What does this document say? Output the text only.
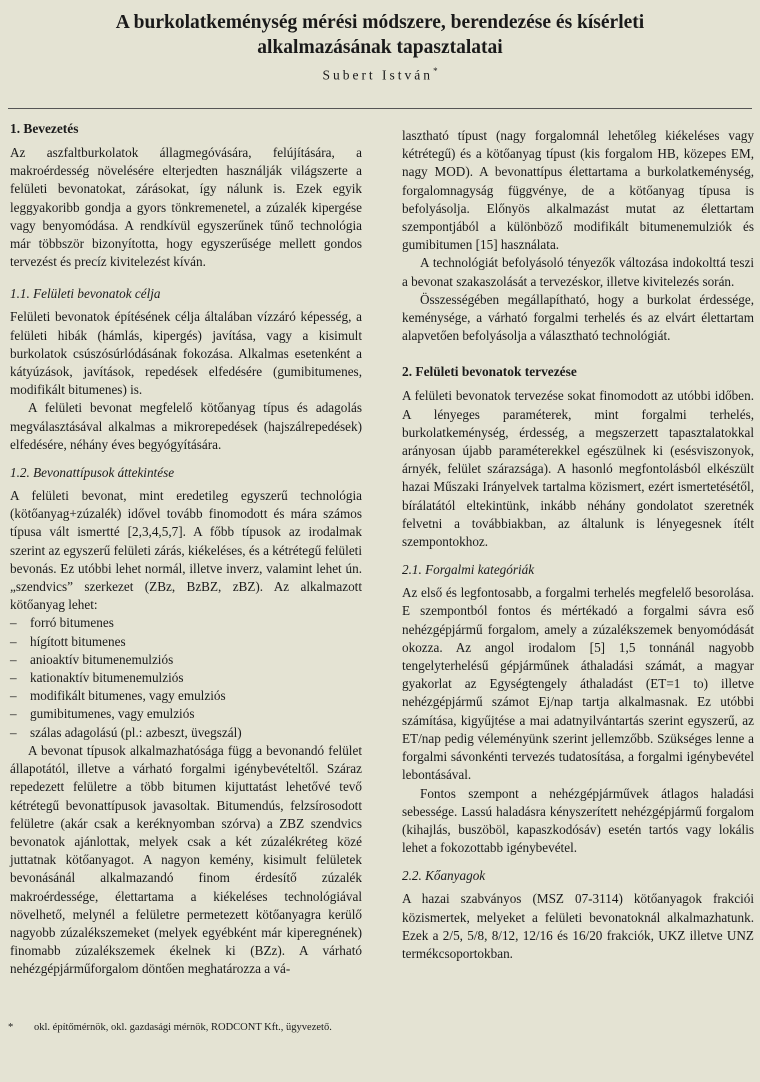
A burkolatkeménység mérési módszere, berendezése és kísérleti
alkalmazásának tapasztalatai
Subert István*
1. Bevezetés

Az aszfaltburkolatok állagmegóvására, felújítására, a makroérdesség növelésére elterjedten használják világszerte a felületi bevonatokat, zárásokat, így nálunk is. Ezek egyik leggyakoribb gondja a gyors tönkremenetel, a zúzalék kipergése vagy benyomódása. A rendkívül egyszerűnek tűnő technológia már többször bizonyította, hogy egyszerűsége mellett gondos tervezést és precíz kivitelezést kíván.

1.1. Felületi bevonatok célja

Felületi bevonatok építésének célja általában vízzáró képesség, a felületi hibák (hámlás, kipergés) javítása, vagy a kisimult burkolatok csúszósúrlódásának fokozása. Alkalmas esetenként a kátyúzások, javítások, repedések elfedésére (gumibitumenes, modifikált bitumenes) is.

A felületi bevonat megfelelő kötőanyag típus és adagolás megválasztásával alkalmas a mikrorepedések (hajszálrepedések) elfedésére, néhány éves begyógyítására.

1.2. Bevonattípusok áttekintése

A felületi bevonat, mint eredetileg egyszerű technológia (kötőanyag+zúzalék) idővel tovább finomodott és mára számos típusa vált ismertté [2,3,4,5,7]. A főbb típusok az irodalmak szerint az egyszerű felületi zárás, kiékeléses, és a kétrétegű felületi bevonás. Ez utóbbi lehet normál, illetve inverz, valamint lehet ún. „szendvics” szerkezet (ZBz, BzBZ, zBZ). Az alkalmazott kötőanyag lehet:

– forró bitumenes
– hígított bitumenes
– anioaktív bitumenemulziós
– kationaktív bitumenemulziós
– modifikált bitumenes, vagy emulziós
– gumibitumenes, vagy emulziós
– szálas adagolású (pl.: azbeszt, üvegszál)

A bevonat típusok alkalmazhatósága függ a bevonandó felület állapotától, illetve a várható forgalmi igénybevételtől. Száraz repedezett felületre a több bitumen kijuttatást lehetővé tevő kétrétegű bevonattípusok javasoltak. Bitumendús, felzsírosodott felületre (akár csak a keréknyomban szórva) a ZBZ szendvics bevonatok ajánlottak, melyek csak a két zúzalékréteg közé juttatnak kötőanyagot. A nagyon kemény, kisimult felületek bevonásánál alkalmazandó finom érdesítő zúzalék makroérdessége, élettartama a kiékeléses technológiával növelhető, melynél a felületre permetezett kötőanyagra kerülő nagyobb zúzalékszemeket (melyek egyébként már kiperegnének) finomabb zúzalékszemek ékelnek ki (BZz). A várható nehézgépjárműforgalom döntően meghatározza a vá-

lasztható típust (nagy forgalomnál lehetőleg kiékeléses vagy kétrétegű) és a kötőanyag típust (kis forgalom HB, közepes EM, nagy MOD). A bevonattípus élettartama a burkolatkeménység, forgalomnagyság függvénye, de a kötőanyag típusa is befolyásolja. Előnyös alkalmazást mutat az élettartam szempontjából a különböző modifikált bitumenemulziók és gumibitumen [15] használata.

A technológiát befolyásoló tényezők változása indokolttá teszi a bevonat szakaszolását a tervezéskor, illetve kivitelezés során.

Összességében megállapítható, hogy a burkolat érdessége, keménysége, a várható forgalmi terhelés és az elvárt élettartam alapvetően befolyásolja a választható technológiát.

2. Felületi bevonatok tervezése

A felületi bevonatok tervezése sokat finomodott az utóbbi időben. A lényeges paraméterek, mint forgalmi terhelés, burkolatkeménység, érdesség, a megszerzett tapasztalatokkal arányosan újabb paraméterekkel egészülnek ki (esésviszonyok, árnyék, felület szárazsága). A hasonló megfontolásból elkészült hazai Műszaki Irányelvek tartalma közismert, ezért ismertetésétől, bírálatától eltekintünk, inkább néhány gondolatot szeretnék felvetni a továbbiakban, az általunk is lényegesnek ítélt szempontokhoz.

2.1. Forgalmi kategóriák

Az első és legfontosabb, a forgalmi terhelés megfelelő besorolása. E szempontból fontos és mértékadó a forgalmi sávra eső nehézgépjármű forgalom, amely a zúzalékszemek benyomódását okozza. Az angol irodalom [5] 1,5 tonnánál nagyobb tengelyterhelésű gépjárműnek áthaladási számát, a magyar gyakorlat az Egységtengely áthaladást (ET=1 to) illetve nehézgépjármű számot Ej/nap tartja alkalmasnak. Ez utóbbi számítása, kigyűjtése a mai adatnyilvántartás szerint egyszerű, az ET/nap pedig véleményünk szerint jellemzőbb. Szükséges lenne a forgalmi sávonkénti tervezés tudatosítása, a forgalmi igénybevétel lebontásával.

Fontos szempont a nehézgépjárművek átlagos haladási sebessége. Lassú haladásra kényszerített nehézgépjármű forgalom (kihajlás, buszöböl, kapaszkodósáv) esetén tartós vagy lokális lehet a fokozottabb igénybevétel.

2.2. Kőanyagok

A hazai szabványos (MSZ 07-3114) kötőanyagok frakciói közismertek, melyeket a felületi bevonatoknál alkalmazhatunk. Ezek a 2/5, 5/8, 8/12, 12/16 és 16/20 frakciók, UKZ illetve UNZ termékcsoportokban.

* okl. építőmérnök, okl. gazdasági mérnök, RODCONT Kft., ügyvezető.
